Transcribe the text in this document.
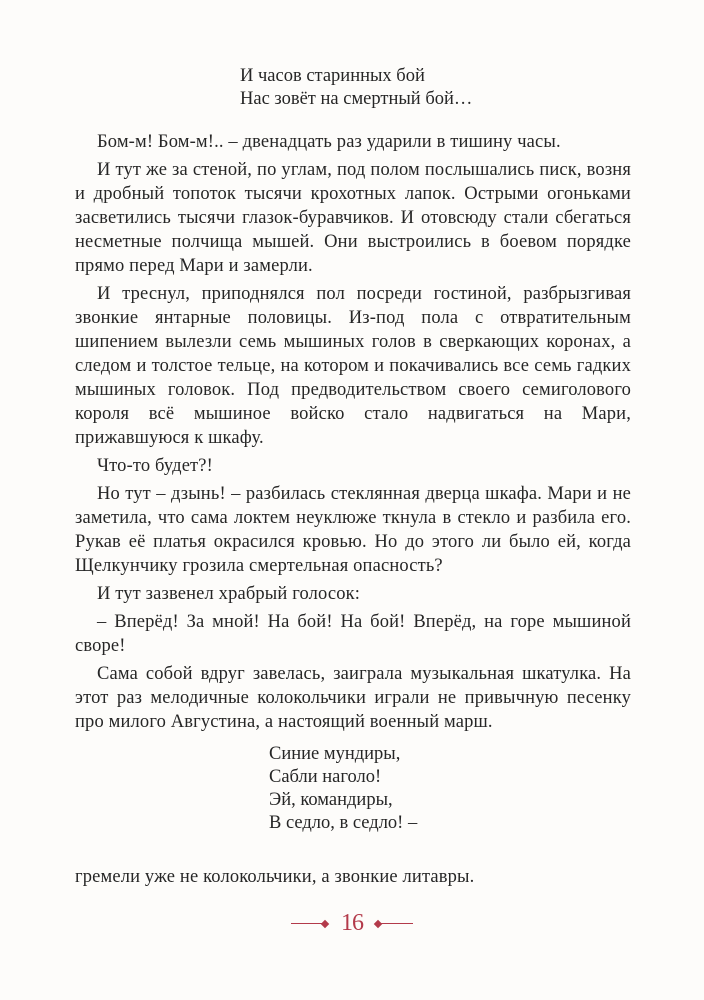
И часов старинных бой
Нас зовёт на смертный бой…

Бом-м! Бом-м!.. – двенадцать раз ударили в тишину часы.

И тут же за стеной, по углам, под полом послышались писк, возня и дробный топоток тысячи крохотных лапок. Острыми огоньками засветились тысячи глазок-буравчиков. И отовсюду стали сбегаться несметные полчища мышей. Они выстроились в боевом порядке прямо перед Мари и замерли.

И треснул, приподнялся пол посреди гостиной, разбрызгивая звонкие янтарные половицы. Из-под пола с отвратительным шипением вылезли семь мышиных голов в сверкающих коронах, а следом и толстое тельце, на котором и покачивались все семь гадких мышиных головок. Под предводительством своего семиголового короля всё мышиное войско стало надвигаться на Мари, прижавшуюся к шкафу.

Что-то будет?!

Но тут – дзынь! – разбилась стеклянная дверца шкафа. Мари и не заметила, что сама локтем неуклюже ткнула в стекло и разбила его. Рукав её платья окрасился кровью. Но до этого ли было ей, когда Щелкунчику грозила смертельная опасность?

И тут зазвенел храбрый голосок:

– Вперёд! За мной! На бой! На бой! Вперёд, на горе мышиной своре!

Сама собой вдруг завелась, заиграла музыкальная шкатулка. На этот раз мелодичные колокольчики играли не привычную песенку про милого Августина, а настоящий военный марш.

Синие мундиры,
Сабли наголо!
Эй, командиры,
В седло, в седло! –

гремели уже не колокольчики, а звонкие литавры.

16
